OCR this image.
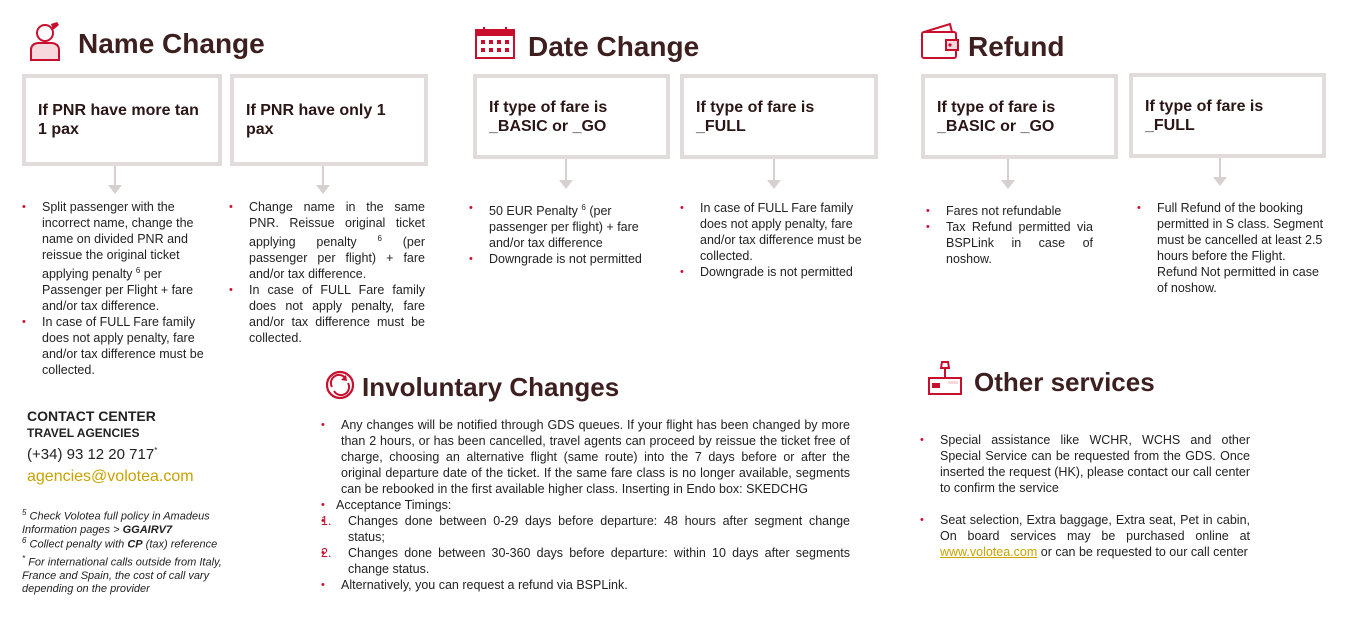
Name Change
If PNR have more tan 1 pax
If PNR have only 1 pax
• Split passenger with the incorrect name, change the name on divided PNR and reissue the original ticket applying penalty $^6$ per Passenger per Flight + fare and/or tax difference.
• In case of FULL Fare family does not apply penalty, fare and/or tax difference must be collected.
• Change name in the same PNR. Reissue original ticket applying penalty	$^6$ (per passenger per flight) + fare and/or tax difference.
• In case of FULL Fare family does not apply penalty, fare and/or tax difference must be collected.
Date Change
If type of fare is _BASIC or _GO
If type of fare is _FULL
• 50 EUR Penalty $^6$ (per passenger per flight) + fare and/or tax difference
• Downgrade is not permitted
• In case of FULL Fare family does not apply penalty, fare and/or tax difference must be collected.
• Downgrade is not permitted
Refund
If type of fare is _BASIC or _GO
If type of fare is _FULL
• Fares not refundable
• Tax Refund permitted via BSPLink in case of noshow.
• Full Refund of the booking permitted in S class. Segment must be cancelled at least 2.5 hours before the Flight. Refund Not permitted in case of noshow.
Involuntary Changes
• Any changes will be notified through GDS queues. If your flight has been changed by more than 2 hours, or has been cancelled, travel agents can proceed by reissue the ticket free of charge, choosing an alternative flight (same route) into the 7 days before or after the original departure date of the ticket. If the same fare class is no longer available, segments can be rebooked in the first available higher class. Inserting in Endo box: SKEDCHG
• Acceptance Timings:
• 1. Changes done between 0-29 days before departure: 48 hours after segment change status;
• 2. Changes done between 30-360 days before departure: within 10 days after segments change status.
• Alternatively, you can request a refund via BSPLink.
Other services
• Special assistance like WCHR, WCHS and other Special Service can be requested from the GDS. Once inserted the request (HK), please contact our call center to confirm the service
• Seat selection, Extra baggage, Extra seat, Pet in cabin, On board services may be purchased online at www.volotea.com or can be requested to our call center
CONTACT CENTER
TRAVEL AGENCIES
(+34) 93 12 20 717*
agencies@volotea.com
$^5$ Check Volotea full policy in Amadeus Information pages > GGAIRV7
$^6$ Collect penalty with CP (tax) reference
* For international calls outside from Italy, France and Spain, the cost of call vary depending on the provider
